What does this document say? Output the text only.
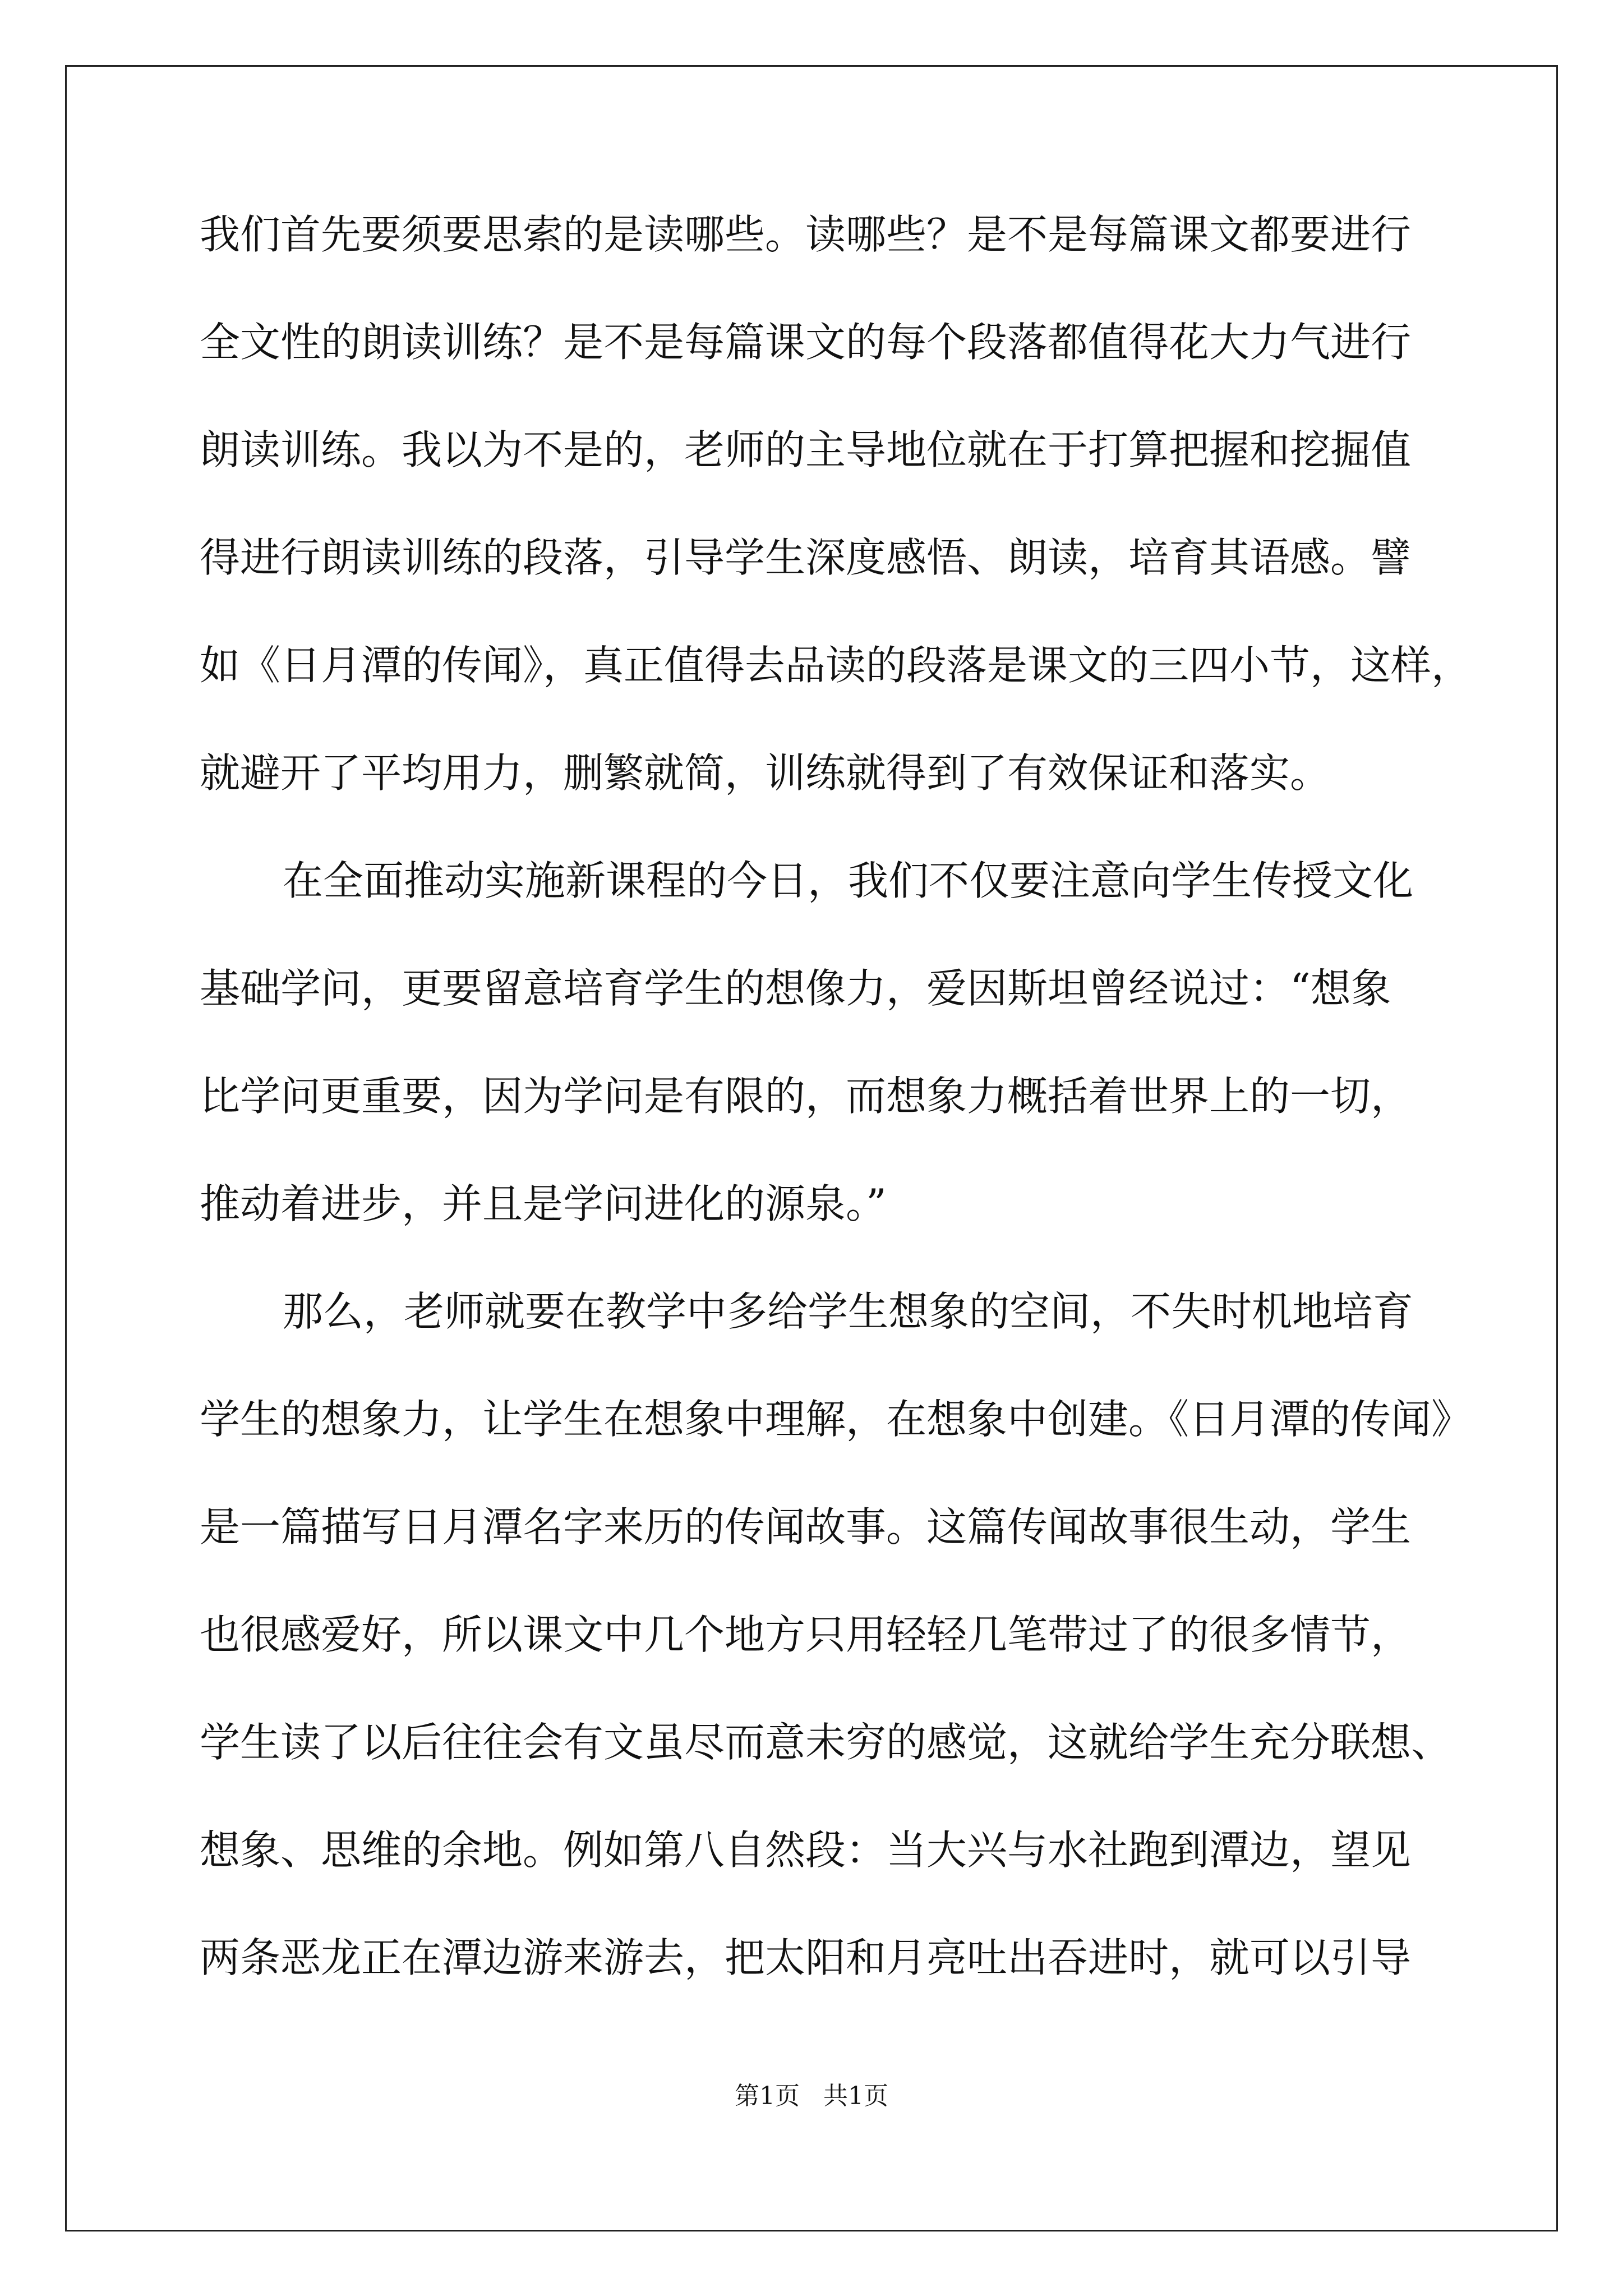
我们首先要须要思索的是读哪些。读哪些？是不是每篇课文都要进行
全文性的朗读训练？是不是每篇课文的每个段落都值得花大力气进行
朗读训练。我以为不是的，老师的主导地位就在于打算把握和挖掘值
得进行朗读训练的段落，引导学生深度感悟、朗读，培育其语感。譬
如《日月潭的传闻》，真正值得去品读的段落是课文的三四小节，这样，
就避开了平均用力，删繁就简，训练就得到了有效保证和落实。
在全面推动实施新课程的今日，我们不仅要注意向学生传授文化
基础学问，更要留意培育学生的想像力，爱因斯坦曾经说过：“想象
比学问更重要，因为学问是有限的，而想象力概括着世界上的一切，
推动着进步，并且是学问进化的源泉。”
那么，老师就要在教学中多给学生想象的空间，不失时机地培育
学生的想象力，让学生在想象中理解，在想象中创建。《日月潭的传闻》
是一篇描写日月潭名字来历的传闻故事。这篇传闻故事很生动，学生
也很感爱好，所以课文中几个地方只用轻轻几笔带过了的很多情节，
学生读了以后往往会有文虽尽而意未穷的感觉，这就给学生充分联想、
想象、思维的余地。例如第八自然段：当大兴与水社跑到潭边，望见
两条恶龙正在潭边游来游去，把太阳和月亮吐出吞进时，就可以引导
第1页 共1页
